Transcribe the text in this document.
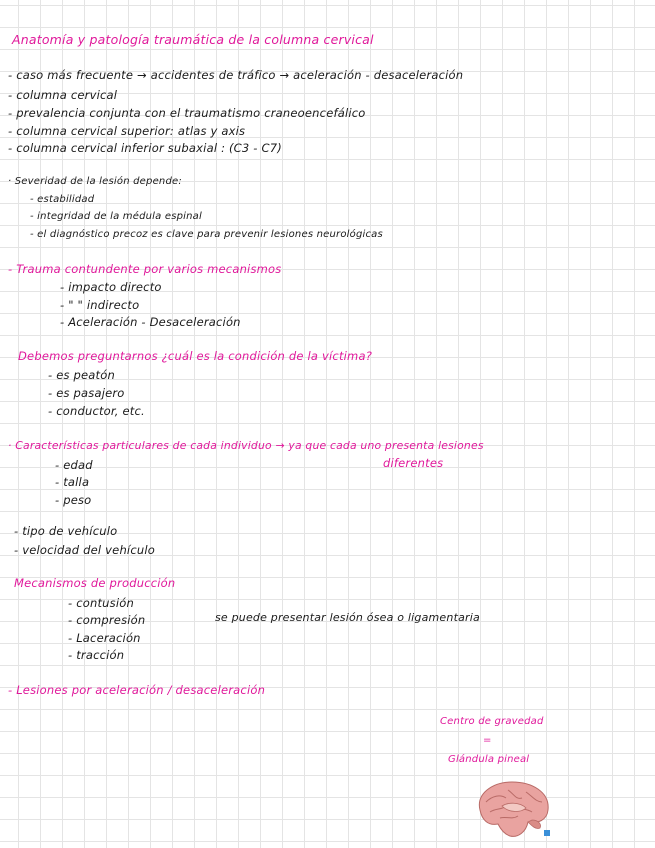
Anatomía y patología traumática de la columna cervical
- caso más frecuente → accidentes de tráfico → aceleración - desaceleración
- columna cervical
- prevalencia conjunta con el traumatismo craneoencefálico
- columna cervical superior: atlas y axis
- columna cervical inferior subaxial : (C3 - C7)
· Severidad de la lesión depende:
- estabilidad
- integridad de la médula espinal
- el diagnóstico precoz es clave para prevenir lesiones neurológicas
- Trauma contundente por varios mecanismos
- impacto directo
- " " indirecto
- Aceleración - Desaceleración
Debemos preguntarnos ¿cuál es la condición de la víctima?
- es peatón
- es pasajero
- conductor, etc.
· Características particulares de cada individuo → ya que cada uno presenta lesiones
diferentes
- edad
- talla
- peso
- tipo de vehículo
- velocidad del vehículo
Mecanismos de producción
- contusión
- compresión
- Laceración
- tracción
se puede presentar lesión ósea o ligamentaria
- Lesiones por aceleración / desaceleración
Centro de gravedad
=
Glándula pineal
